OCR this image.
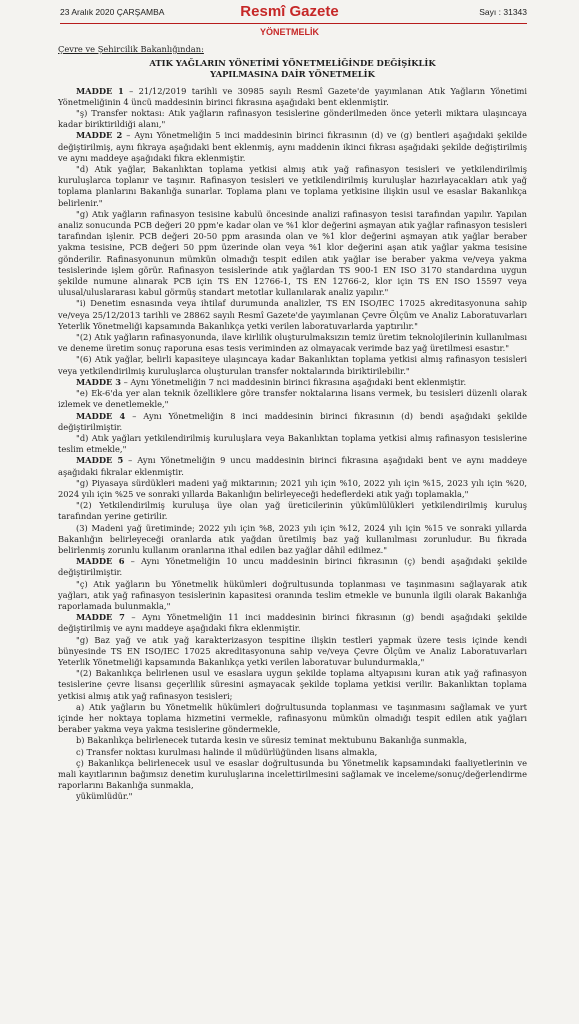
23 Aralık 2020 ÇARŞAMBA	Resmî Gazete	Sayı : 31343
YÖNETMELİK
Çevre ve Şehircilik Bakanlığından:
ATIK YAĞLARIN YÖNETİMİ YÖNETMELİĞİNDE DEĞİŞİKLİK
YAPILMASINA DAİR YÖNETMELİK

MADDE 1 – 21/12/2019 tarihli ve 30985 sayılı Resmî Gazete'de yayımlanan Atık Yağların Yönetimi Yönetmeliğinin 4 üncü maddesinin birinci fıkrasına aşağıdaki bent eklenmiştir.

"ş) Transfer noktası: Atık yağların rafinasyon tesislerine gönderilmeden önce yeterli miktara ulaşıncaya kadar biriktirildiği alanı,"

MADDE 2 – Aynı Yönetmeliğin 5 inci maddesinin birinci fıkrasının (d) ve (g) bentleri aşağıdaki şekilde değiştirilmiş, aynı fıkraya aşağıdaki bent eklenmiş, aynı maddenin ikinci fıkrası aşağıdaki şekilde değiştirilmiş ve aynı maddeye aşağıdaki fıkra eklenmiştir.

"d) Atık yağlar, Bakanlıktan toplama yetkisi almış atık yağ rafinasyon tesisleri ve yetkilendirilmiş kuruluşlarca toplanır ve taşınır. Rafinasyon tesisleri ve yetkilendirilmiş kuruluşlar hazırlayacakları atık yağ toplama planlarını Bakanlığa sunarlar. Toplama planı ve toplama yetkisine ilişkin usul ve esaslar Bakanlıkça belirlenir."

"g) Atık yağların rafinasyon tesisine kabulü öncesinde analizi rafinasyon tesisi tarafından yapılır. Yapılan analiz sonucunda PCB değeri 20 ppm'e kadar olan ve %1 klor değerini aşmayan atık yağlar rafinasyon tesisleri tarafından işlenir. PCB değeri 20-50 ppm arasında olan ve %1 klor değerini aşmayan atık yağlar beraber yakma tesisine, PCB değeri 50 ppm üzerinde olan veya %1 klor değerini aşan atık yağlar yakma tesisine gönderilir. Rafinasyonunun mümkün olmadığı tespit edilen atık yağlar ise beraber yakma ve/veya yakma tesislerinde işlem görür. Rafinasyon tesislerinde atık yağlardan TS 900-1 EN ISO 3170 standardına uygun şekilde numune alınarak PCB için TS EN 12766-1, TS EN 12766-2, klor için TS EN ISO 15597 veya ulusal/uluslararası kabul görmüş standart metotlar kullanılarak analiz yapılır."

"i) Denetim esnasında veya ihtilaf durumunda analizler, TS EN ISO/IEC 17025 akreditasyonuna sahip ve/veya 25/12/2013 tarihli ve 28862 sayılı Resmî Gazete'de yayımlanan Çevre Ölçüm ve Analiz Laboratuvarları Yeterlik Yönetmeliği kapsamında Bakanlıkça yetki verilen laboratuvarlarda yaptırılır."

"(2) Atık yağların rafinasyonunda, ilave kirlilik oluşturulmaksızın temiz üretim teknolojilerinin kullanılması ve deneme üretim sonuç raporuna esas tesis veriminden az olmayacak verimde baz yağ üretilmesi esastır."

"(6) Atık yağlar, belirli kapasiteye ulaşıncaya kadar Bakanlıktan toplama yetkisi almış rafinasyon tesisleri veya yetkilendirilmiş kuruluşlarca oluşturulan transfer noktalarında biriktirilebilir."

MADDE 3 – Aynı Yönetmeliğin 7 nci maddesinin birinci fıkrasına aşağıdaki bent eklenmiştir.

"e) Ek-6'da yer alan teknik özelliklere göre transfer noktalarına lisans vermek, bu tesisleri düzenli olarak izlemek ve denetlemekle,"

MADDE 4 – Aynı Yönetmeliğin 8 inci maddesinin birinci fıkrasının (d) bendi aşağıdaki şekilde değiştirilmiştir.

"d) Atık yağları yetkilendirilmiş kuruluşlara veya Bakanlıktan toplama yetkisi almış rafinasyon tesislerine teslim etmekle,"

MADDE 5 – Aynı Yönetmeliğin 9 uncu maddesinin birinci fıkrasına aşağıdaki bent ve aynı maddeye aşağıdaki fıkralar eklenmiştir.

"g) Piyasaya sürdükleri madeni yağ miktarının; 2021 yılı için %10, 2022 yılı için %15, 2023 yılı için %20, 2024 yılı için %25 ve sonraki yıllarda Bakanlığın belirleyeceği hedeflerdeki atık yağı toplamakla,"

"(2) Yetkilendirilmiş kuruluşa üye olan yağ üreticilerinin yükümlülükleri yetkilendirilmiş kuruluş tarafından yerine getirilir.

(3) Madeni yağ üretiminde; 2022 yılı için %8, 2023 yılı için %12, 2024 yılı için %15 ve sonraki yıllarda Bakanlığın belirleyeceği oranlarda atık yağdan üretilmiş baz yağ kullanılması zorunludur. Bu fıkrada belirlenmiş zorunlu kullanım oranlarına ithal edilen baz yağlar dâhil edilmez."

MADDE 6 – Aynı Yönetmeliğin 10 uncu maddesinin birinci fıkrasının (ç) bendi aşağıdaki şekilde değiştirilmiştir.

"ç) Atık yağların bu Yönetmelik hükümleri doğrultusunda toplanması ve taşınmasını sağlayarak atık yağları, atık yağ rafinasyon tesislerinin kapasitesi oranında teslim etmekle ve bununla ilgili olarak Bakanlığa raporlamada bulunmakla,"

MADDE 7 – Aynı Yönetmeliğin 11 inci maddesinin birinci fıkrasının (g) bendi aşağıdaki şekilde değiştirilmiş ve aynı maddeye aşağıdaki fıkra eklenmiştir.

"g) Baz yağ ve atık yağ karakterizasyon tespitine ilişkin testleri yapmak üzere tesis içinde kendi bünyesinde TS EN ISO/IEC 17025 akreditasyonuna sahip ve/veya Çevre Ölçüm ve Analiz Laboratuvarları Yeterlik Yönetmeliği kapsamında Bakanlıkça yetki verilen laboratuvar bulundurmakla,"

"(2) Bakanlıkça belirlenen usul ve esaslara uygun şekilde toplama altyapısını kuran atık yağ rafinasyon tesislerine çevre lisansı geçerlilik süresini aşmayacak şekilde toplama yetkisi verilir. Bakanlıktan toplama yetkisi almış atık yağ rafinasyon tesisleri;

a) Atık yağların bu Yönetmelik hükümleri doğrultusunda toplanması ve taşınmasını sağlamak ve yurt içinde her noktaya toplama hizmetini vermekle, rafinasyonu mümkün olmadığı tespit edilen atık yağları beraber yakma veya yakma tesislerine göndermekle,

b) Bakanlıkça belirlenecek tutarda kesin ve süresiz teminat mektubunu Bakanlığa sunmakla,

c) Transfer noktası kurulması halinde il müdürlüğünden lisans almakla,

ç) Bakanlıkça belirlenecek usul ve esaslar doğrultusunda bu Yönetmelik kapsamındaki faaliyetlerinin ve mali kayıtlarının bağımsız denetim kuruluşlarına incelettirilmesini sağlamak ve inceleme/sonuç/değerlendirme raporlarını Bakanlığa sunmakla,

yükümlüdür."
